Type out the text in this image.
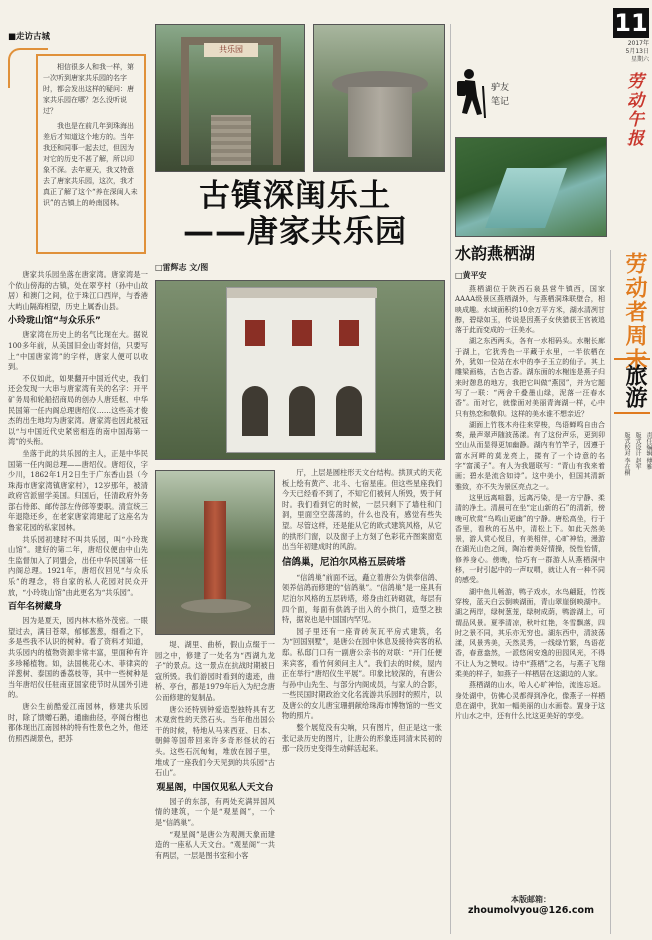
■走访古城
相信很多人和我一样，第一次听到唐家共乐园的名字时，都会发出这样的疑问：唐家共乐园在哪？怎么没听说过？
我也是在前几年到珠海出差后才知道这个地方的。当年我还和同事一起去过，但因为对它的历史不甚了解，所以印象不深。去年夏天，我又特意去了唐家共乐园，这次，我才真正了解了这个“养在深闺人未识”的古镇上的岭南园林。
共乐园
古镇深闺乐土
——唐家共乐园
□雷辉志 文/图

唐家共乐园坐落在唐家湾。唐家湾是一个依山傍海的古镇，处在翠亨村（孙中山故居）和澳门之间，位于珠江口西岸，与香港大屿山隔海相望，历史上属香山县。

小玲珑山馆“与众乐乐”

唐家湾在历史上的名气比现在大。据说100多年前，从美国旧金山寄封信，只要写上“中国唐家湾”的字样，唐家人便可以收到。

不仅如此，如果翻开中国近代史，我们还会发现一大串与唐家湾有关的名字：开平矿务局和轮船招商局的创办人唐廷枢、中华民国第一任内阁总理唐绍仪……这些美才俊杰的出生地均为唐家湾。唐家湾也因此被冠以“与中国近代史紧密相连的南中国海第一湾”的头衔。

坐落于此的共乐园的主人，正是中华民国第一任内阁总理——唐绍仪。唐绍仪，字少川，1862年1月2日生于广东香山县（今珠海市唐家湾镇唐家村），12岁那年，被清政府官派留学美国。归国后，任清政府外务部右侍郎、邮传部左侍郎等要职。清宣统三年退隐还乡，在老家唐家湾建起了这座名为鲁家花园的私家园林。

共乐园初建时不叫共乐园，叫“小玲珑山馆”。建好的第二年，唐绍仪便由中山先生监督加入了同盟会，出任中华民国第一任内阁总理。1921年，唐绍仪回见“与众乐乐”的理念，将自家的私人花园对民众开放，“小玲珑山馆”由此更名为“共乐园”。

百年名树藏身

因为是夏天，园内林木格外茂密。一眼望过去，满目苍翠，郁郁葱葱，细看之下，多是些我不认识的树种。看了资料才知道，共乐园内的植物资源非常丰富，里面种有许多珍稀植物。如，法国桃花心木、菲律宾的洋葱树、泰国的番荔枝等，其中一些树种是当年唐绍仪任驻南亚国家使节时从国外引进的。

唐公生前酷爱江南园林，修建共乐园时，除了馈赠石鹅，通幽曲径，亭阁台榭也都体现出江南园林的特有性景色之外，他还仿照西湖景色，把苏

堤、湖里、曲桥，假山点缀于一园之中，修建了一处名为“西湖九龙子”的景点。这一景点在抗战时期被日寇所毁。我们游园时看到的遗迹，曲桥、亭台，都是1979年后入为纪念唐公而修建的复制品。

唐公还特别钟爱造型独特具有艺术观赏性的天然石头。当年他出国公干的时候，特地从马来西亚、日本、朝鲜等国带回来许多奇形怪状的石头。这些石沉甸甸，堆放在园子里，堆成了一座我们今天见到的共乐园“古石山”。

观星阁，中国仅见私人天文台

园子的东部，有两处充满异国风情的建筑，一个是“观星阁”，一个是“信鸽巢”。

“观星阁”是唐公为观测天象而建造的一座私人天文台。“观星阁”一共有两层，一层是图书室和小客

厅，上层是圆柱形天文台结构。拱顶式的天花板上绘有黄产、北斗、七宿星座。但这些星座我们今天已经看不到了，不知它们被何人所毁，毁于何时。我们看到它的时候，一层只剩下了墙柱和门洞，里面空空荡荡的，什么也没有，感觉有些失望。尽管这样，还是能从它的欧式建筑风格，从它的拱形门窗，以及窗子上方刻了色彩花卉图案窗览出当年初建成时的风韵。

信鸽巢，尼泊尔风格五层砖塔

“信鸽巢”前面不远，矗立着唐公为供奉信鸽、领养信鸽而修建的“信鸽巢”。“信鸽巢”是一座具有尼泊尔风格的五层砖塔，塔身由红砖砌就，每层有四个面，每面有供鸽子出入的小拱门，造型之独特，据说也是中国国内罕见。

园子里还有一座青砖灰瓦平房式建筑，名为“回国别墅”，是唐公在园中休息及接待宾客的私邸。私邸门口有一副唐公亲书的对联：“开门任便来宾客，看竹何须问主人”。我们去的时候，屋内正在举行“唐绍仪生平展”。印象比较深的，有唐公与孙中山先生、与部分内阁成员，与家人的合影，一些民国时期政治文化名流游共乐园时的照片，以及唐公的女儿唐宝珊捐献给珠海市博物馆的一些文物的照片。

整个展览没有尖响，只有图片，但正是这一张张记录历史的图片，让唐公的形象连同清末民初的那一段历史变得生动鲜活起来。

驴友
笔记
水韵燕栖湖
□黄平安

燕栖湖位于陕西石泉县营牛镇西，国家AAAA级景区燕栖湖外，与燕栖洞珠联壁合，相映成趣。水域面积约10余万平方米，湖水清冽甘醇，碧绿如玉，传说是因燕子女侠猎获王宫被追落于此而变成的一汪美水。

湖之东西两头，各有一水相码头。水榭长廊于湖上，它犹秀色一平藏于水里，一半依栖在外，犹如一位站在水中的李子玉立的仙子。其上雕梁画栋，古色古香。湖东面的水榭连是燕子归来时憩息的地方，我把它叫做“燕园”，并为它题写了一联：“两舍千叠墨山绿，泥落一汪春水香”。而对它，就像面对美丽青海湖一样，心中只有热恋和敬仰。这样的美水谁不想亲近？

湖面上竹筏木舟往来穿梭，鸟语蝉鸣自由合奏，最声翠声随波荡漾。有了这份声乐，更到卯空山从而显得更加幽静。湖内有竹竿子，因遵于富水河畔的莫龙亮上，搂有了一个诗意的名字“富溪子”。有人为我题联写：“青山有我来着画；碧水是流含如诗”。这中美小，但国其清新雅致，亦不失为景区亮点之一。

这里远离喧嚣，远离污染，是一方宁静、柔清的净土。清晨可在坐“定山新的石”的清新，傍晚可欣赏“乌鸣山更幽”的宁静。唐松高坐，行于香里，看秋的石丛中，清松上下。如此天然美景，游人赏心悦目，有美相伴，心旷神怡，漫游在湖光山色之间，陶冶着美好情操，悦性怡情，修养身心。傍晚，恰巧有一群游人从燕栖洞中移，一时引起中的一声叹喟，就让人有一种不同的感受。

湖中鱼儿畅游，鸭子戏水，水鸟翩跹，竹筏穿梭，蓝天白云倒映湖面，青山翠崖倒映湖中。湖之两岸，绿树葱茏，绿树成荫，鸭游湖上，可谓品风景。夏季清凉，秋叶红艳，冬雪飘落，四时之景不同，其乐亦无穷也。湖东西中，清波荡漾，风景秀美，天然灵秀，一线绿竹繁，鸟语花香，春意盎然，一派悠闲安逸的田园风光，不得不让人为之赞叹。诗中“燕栖”之名，与燕子飞翔柔美的样子，如燕子一样栖居在这湖边的人家。

燕栖湖的山水，哈人心旷神怡，流连忘返。身处湖中，仿佛心灵都得到净化，像燕子一样栖息在湖中，犹如一幅美丽的山水画卷。置身于这片山水之中，还有什么比这更美好的享受。

本版邮箱：
zhoumolvyou@126.com
11
2017年
5月13日
星期六
劳动午报
劳动者周末
旅游
责任编辑 傅雅
版式设计 赵军
版式校对 李在桐
